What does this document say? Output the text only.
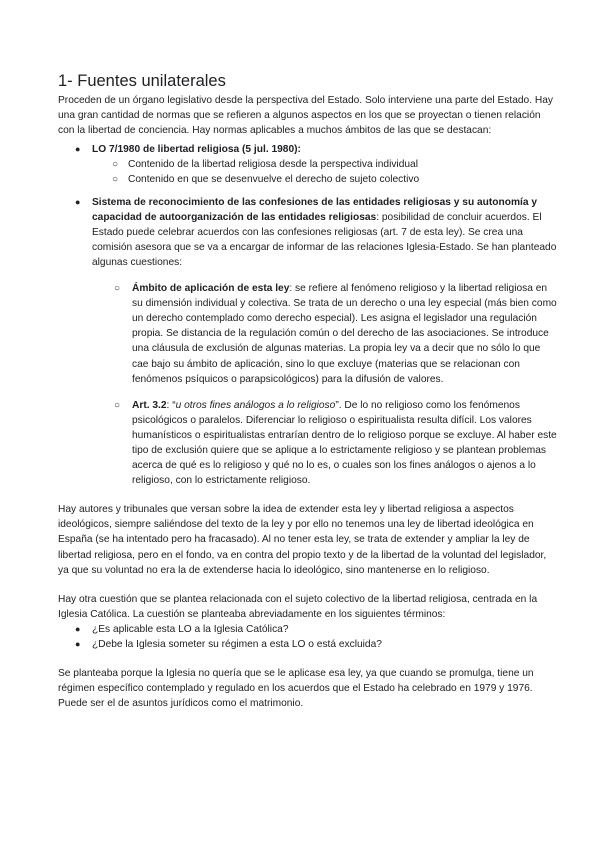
1- Fuentes unilaterales

Proceden de un órgano legislativo desde la perspectiva del Estado. Solo interviene una parte del Estado. Hay una gran cantidad de normas que se refieren a algunos aspectos en los que se proyectan o tienen relación con la libertad de conciencia. Hay normas aplicables a muchos ámbitos de las que se destacan:

● LO 7/1980 de libertad religiosa (5 jul. 1980):
○ Contenido de la libertad religiosa desde la perspectiva individual
○ Contenido en que se desenvuelve el derecho de sujeto colectivo
● Sistema de reconocimiento de las confesiones de las entidades religiosas y su autonomía y capacidad de autoorganización de las entidades religiosas: posibilidad de concluir acuerdos. El Estado puede celebrar acuerdos con las confesiones religiosas (art. 7 de esta ley). Se crea una comisión asesora que se va a encargar de informar de las relaciones Iglesia-Estado. Se han planteado algunas cuestiones:
○ Ámbito de aplicación de esta ley: se refiere al fenómeno religioso y la libertad religiosa en su dimensión individual y colectiva. Se trata de un derecho o una ley especial (más bien como un derecho contemplado como derecho especial). Les asigna el legislador una regulación propia. Se distancia de la regulación común o del derecho de las asociaciones. Se introduce una cláusula de exclusión de algunas materias. La propia ley va a decir que no sólo lo que cae bajo su ámbito de aplicación, sino lo que excluye (materias que se relacionan con fenómenos psíquicos o parapsicológicos) para la difusión de valores.
○ Art. 3.2: “u otros fines análogos a lo religioso”. De lo no religioso como los fenómenos psicológicos o paralelos. Diferenciar lo religioso o espiritualista resulta difícil. Los valores humanísticos o espiritualistas entrarían dentro de lo religioso porque se excluye. Al haber este tipo de exclusión quiere que se aplique a lo estrictamente religioso y se plantean problemas acerca de qué es lo religioso y qué no lo es, o cuales son los fines análogos o ajenos a lo religioso, con lo estrictamente religioso.

Hay autores y tribunales que versan sobre la idea de extender esta ley y libertad religiosa a aspectos ideológicos, siempre saliéndose del texto de la ley y por ello no tenemos una ley de libertad ideológica en España (se ha intentado pero ha fracasado). Al no tener esta ley, se trata de extender y ampliar la ley de libertad religiosa, pero en el fondo, va en contra del propio texto y de la libertad de la voluntad del legislador, ya que su voluntad no era la de extenderse hacia lo ideológico, sino mantenerse en lo religioso.

Hay otra cuestión que se plantea relacionada con el sujeto colectivo de la libertad religiosa, centrada en la Iglesia Católica. La cuestión se planteaba abreviadamente en los siguientes términos:

● ¿Es aplicable esta LO a la Iglesia Católica?
● ¿Debe la Iglesia someter su régimen a esta LO o está excluida?

Se planteaba porque la Iglesia no quería que se le aplicase esa ley, ya que cuando se promulga, tiene un régimen específico contemplado y regulado en los acuerdos que el Estado ha celebrado en 1979 y 1976. Puede ser el de asuntos jurídicos como el matrimonio.
